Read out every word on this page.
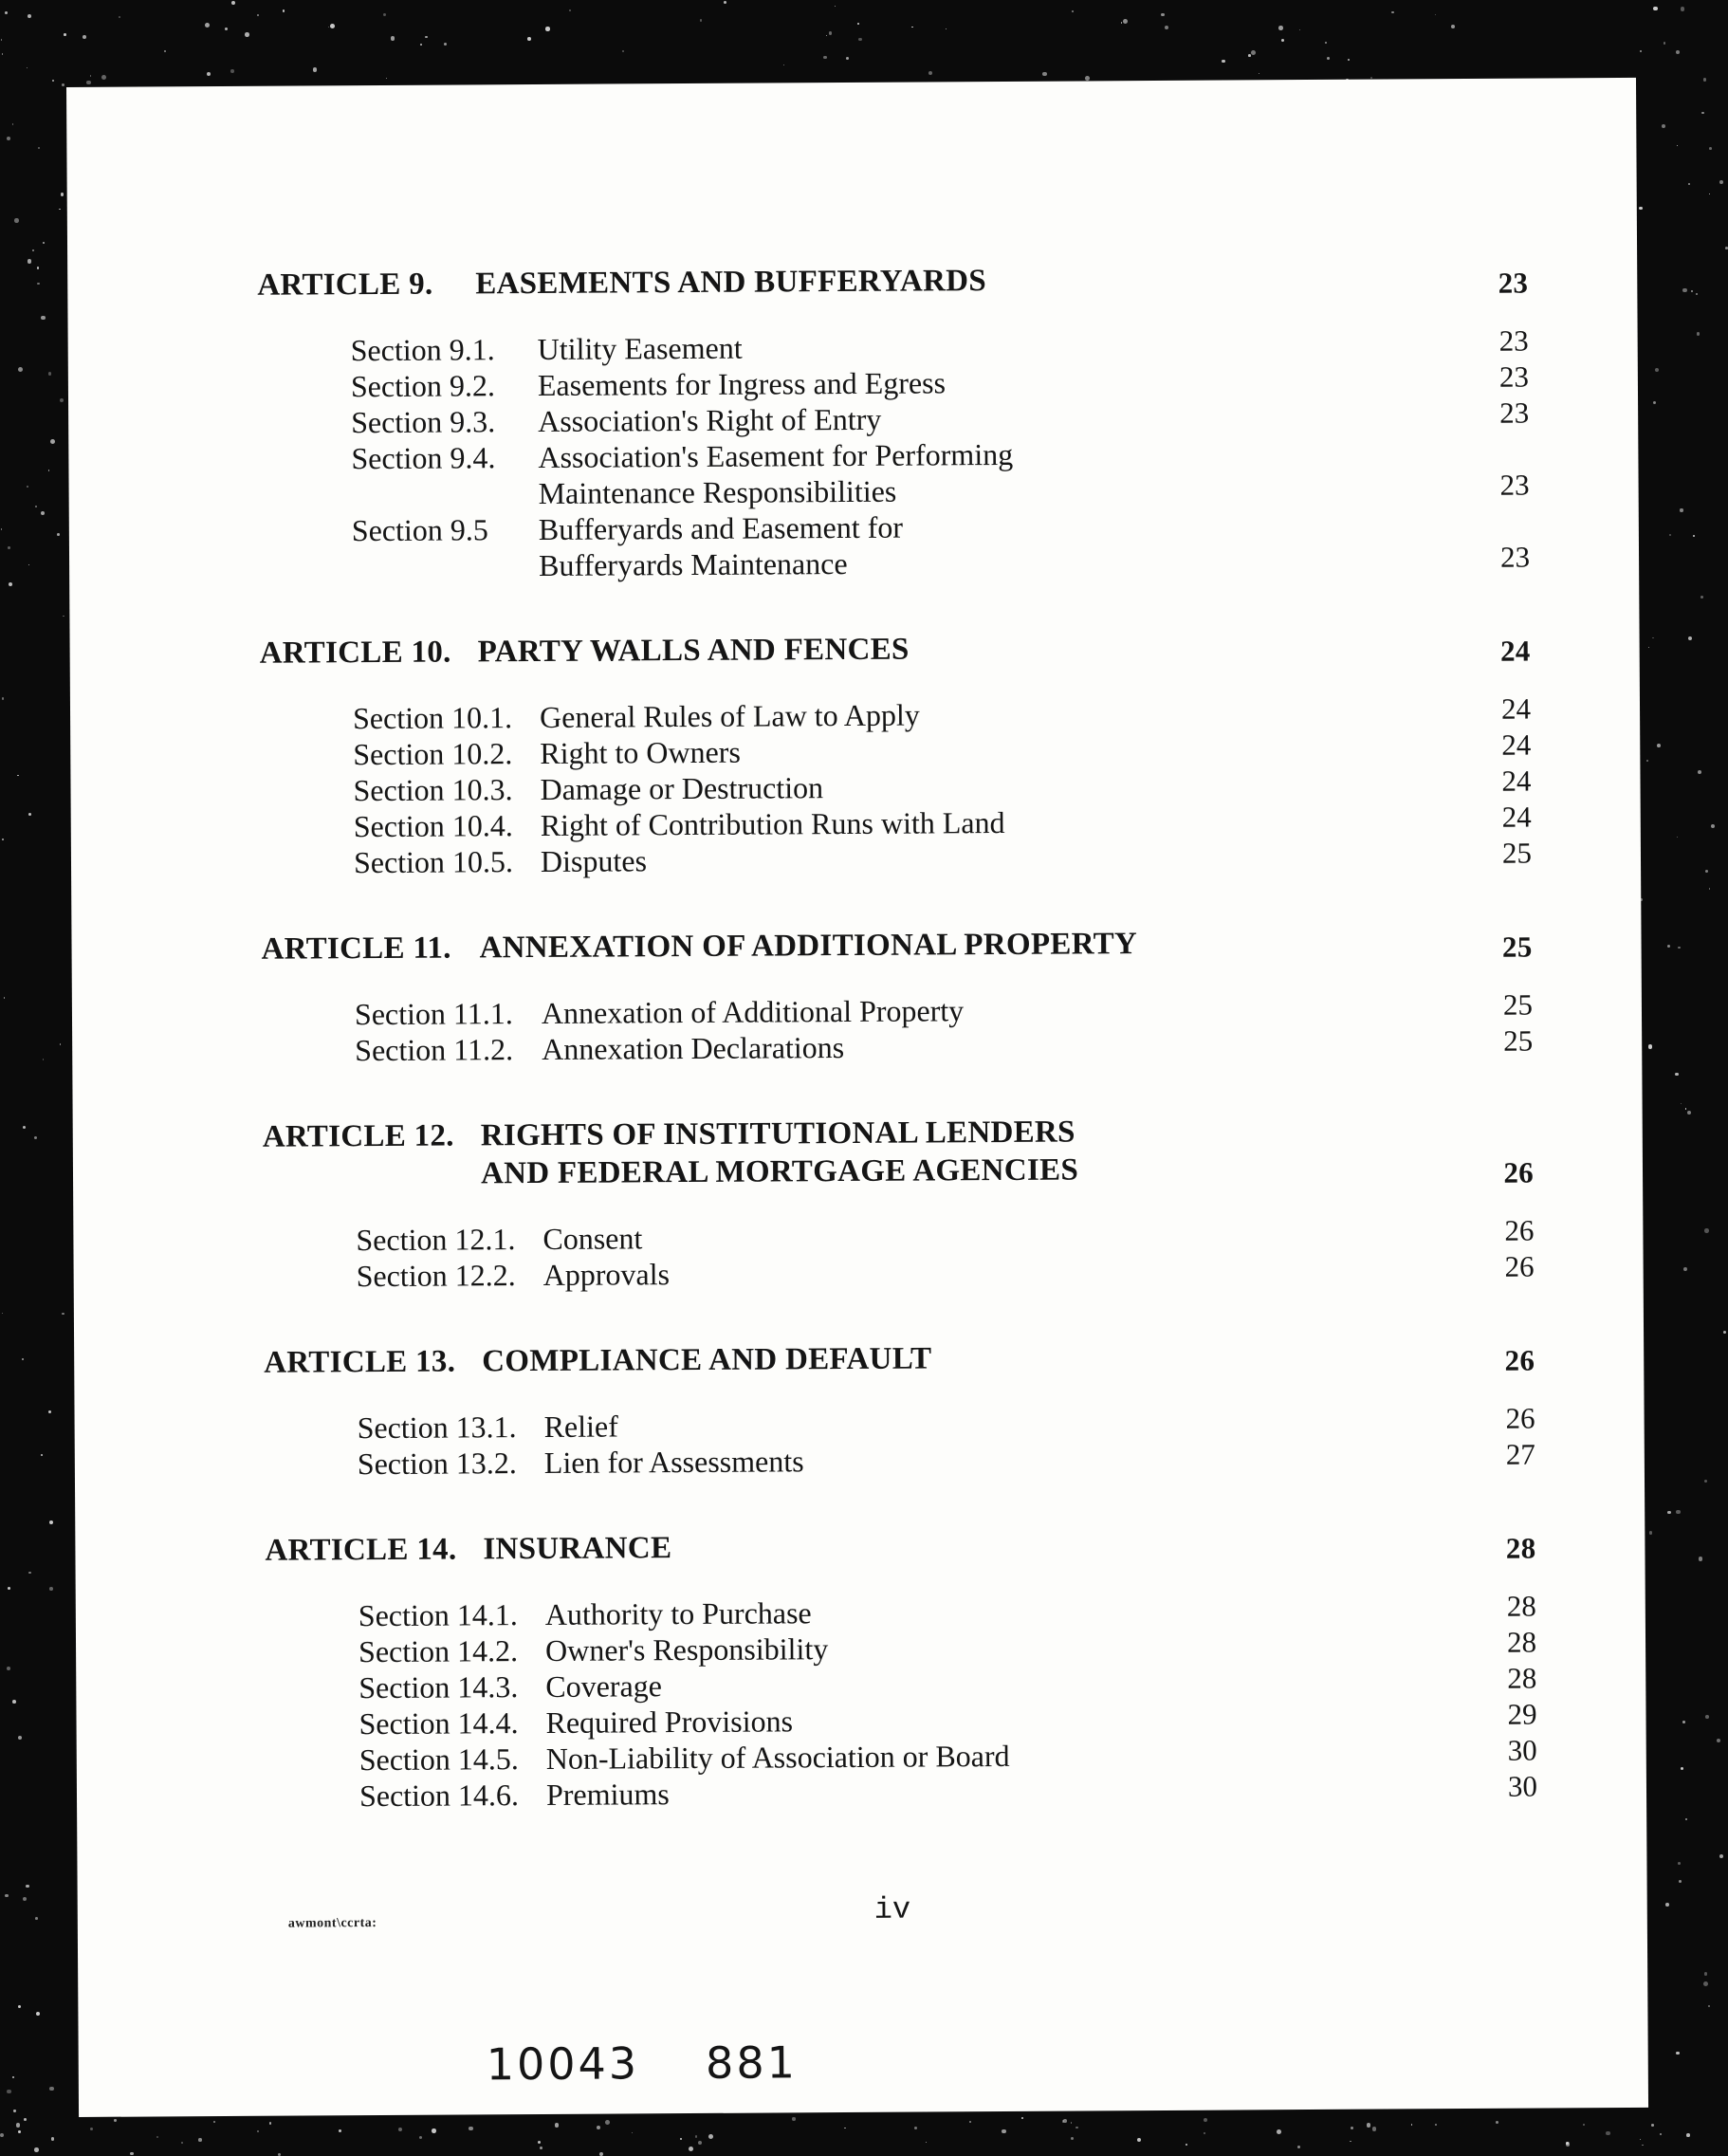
ARTICLE 9. EASEMENTS AND BUFFERYARDS	23
Section 9.1. Utility Easement	23
Section 9.2. Easements for Ingress and Egress	23
Section 9.3. Association's Right of Entry	23
Section 9.4. Association's Easement for Performing
Maintenance Responsibilities	23
Section 9.5 Bufferyards and Easement for
Bufferyards Maintenance	23
ARTICLE 10. PARTY WALLS AND FENCES	24
Section 10.1. General Rules of Law to Apply	24
Section 10.2. Right to Owners	24
Section 10.3. Damage or Destruction	24
Section 10.4. Right of Contribution Runs with Land	24
Section 10.5. Disputes	25
ARTICLE 11. ANNEXATION OF ADDITIONAL PROPERTY	25
Section 11.1. Annexation of Additional Property	25
Section 11.2. Annexation Declarations	25
ARTICLE 12. RIGHTS OF INSTITUTIONAL LENDERS
AND FEDERAL MORTGAGE AGENCIES	26
Section 12.1. Consent	26
Section 12.2. Approvals	26
ARTICLE 13. COMPLIANCE AND DEFAULT	26
Section 13.1. Relief	26
Section 13.2. Lien for Assessments	27
ARTICLE 14. INSURANCE	28
Section 14.1. Authority to Purchase	28
Section 14.2. Owner's Responsibility	28
Section 14.3. Coverage	28
Section 14.4. Required Provisions	29
Section 14.5. Non-Liability of Association or Board	30
Section 14.6. Premiums	30
awmont\ccrta:	iv
10043 881
